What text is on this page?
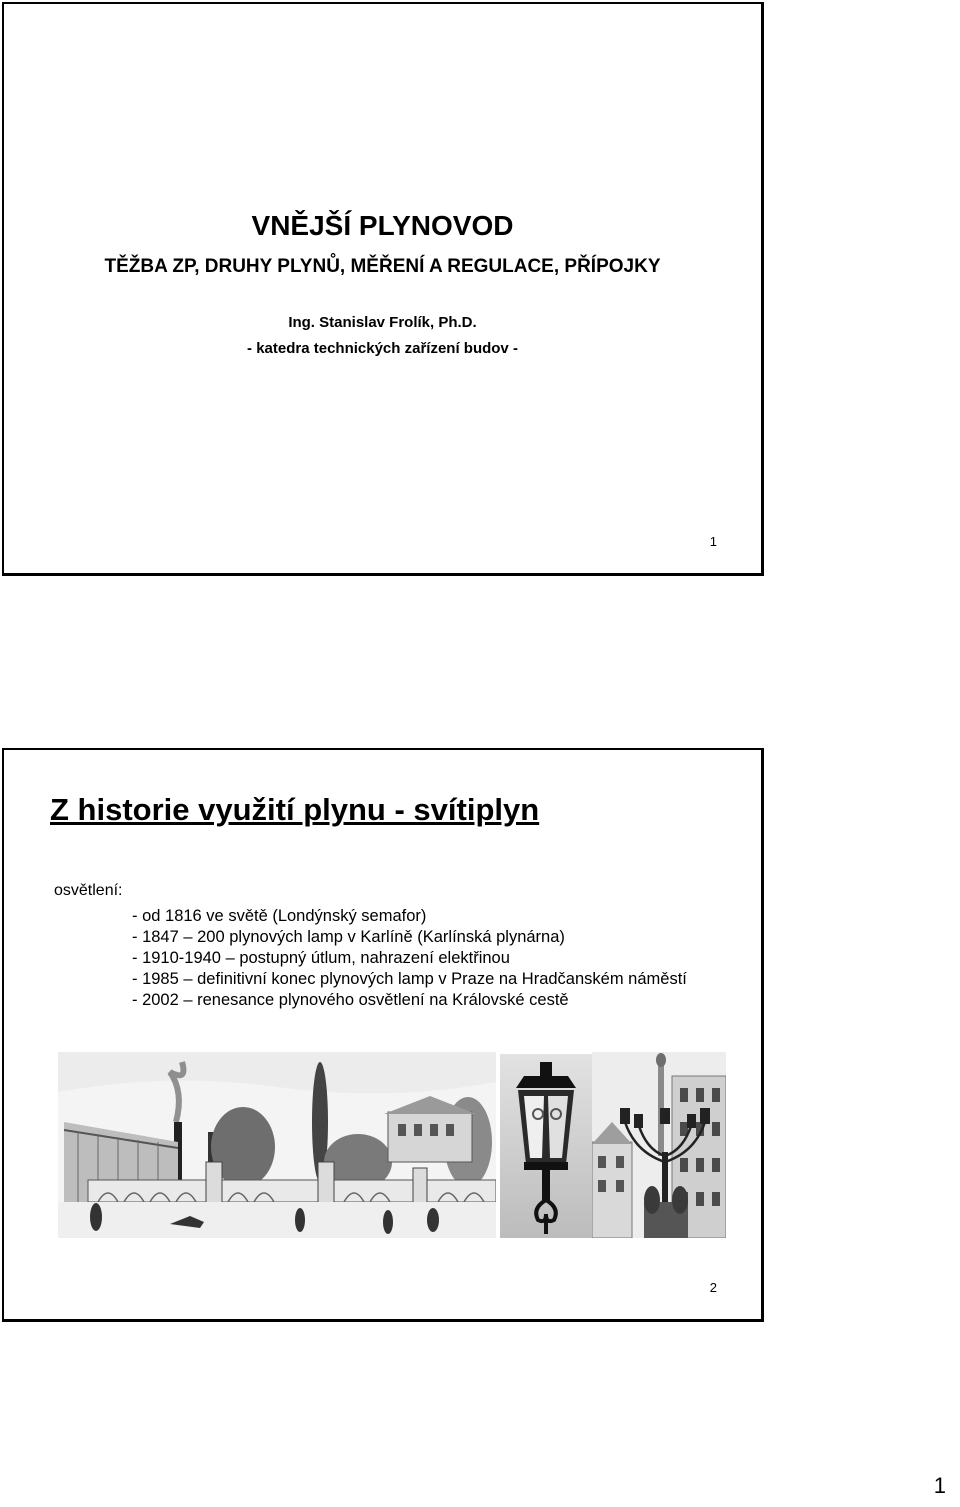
VNĚJŠÍ PLYNOVOD
TĚŽBA ZP, DRUHY PLYNŮ, MĚŘENÍ A REGULACE, PŘÍPOJKY
Ing. Stanislav Frolík, Ph.D.
- katedra technických zařízení budov -
1
Z historie využití plynu - svítiplyn
osvětlení:
- od 1816 ve světě (Londýnský semafor)
- 1847 – 200 plynových lamp v Karlíně (Karlínská plynárna)
- 1910-1940 – postupný útlum, nahrazení elektřinou
- 1985 – definitivní konec plynových lamp v Praze na Hradčanském náměstí
- 2002 – renesance plynového osvětlení na Královské cestě
2
1
